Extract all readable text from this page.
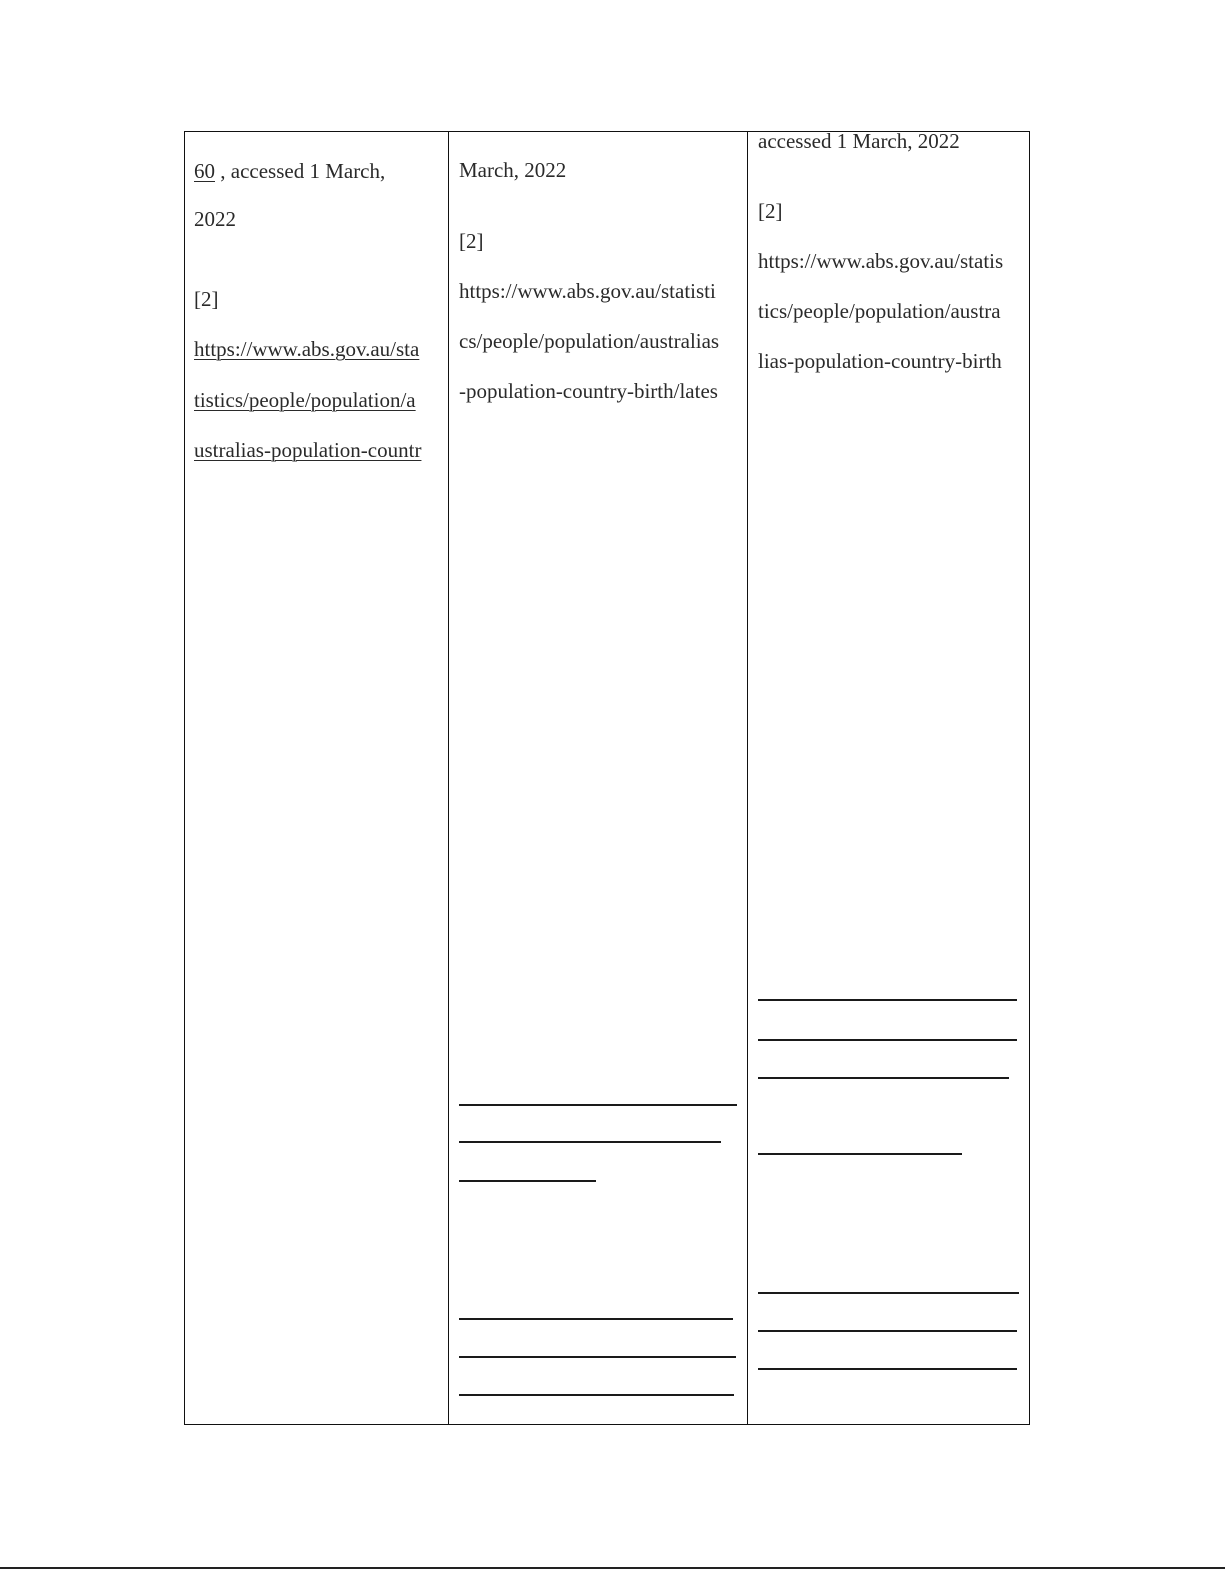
60 , accessed 1 March,
2022
[2]
https://www.abs.gov.au/sta
tistics/people/population/a
ustralias-population-countr
March, 2022
[2]
https://www.abs.gov.au/statisti
cs/people/population/australias
-population-country-birth/lates
accessed 1 March, 2022
[2]
https://www.abs.gov.au/statis
tics/people/population/austra
lias-population-country-birth
